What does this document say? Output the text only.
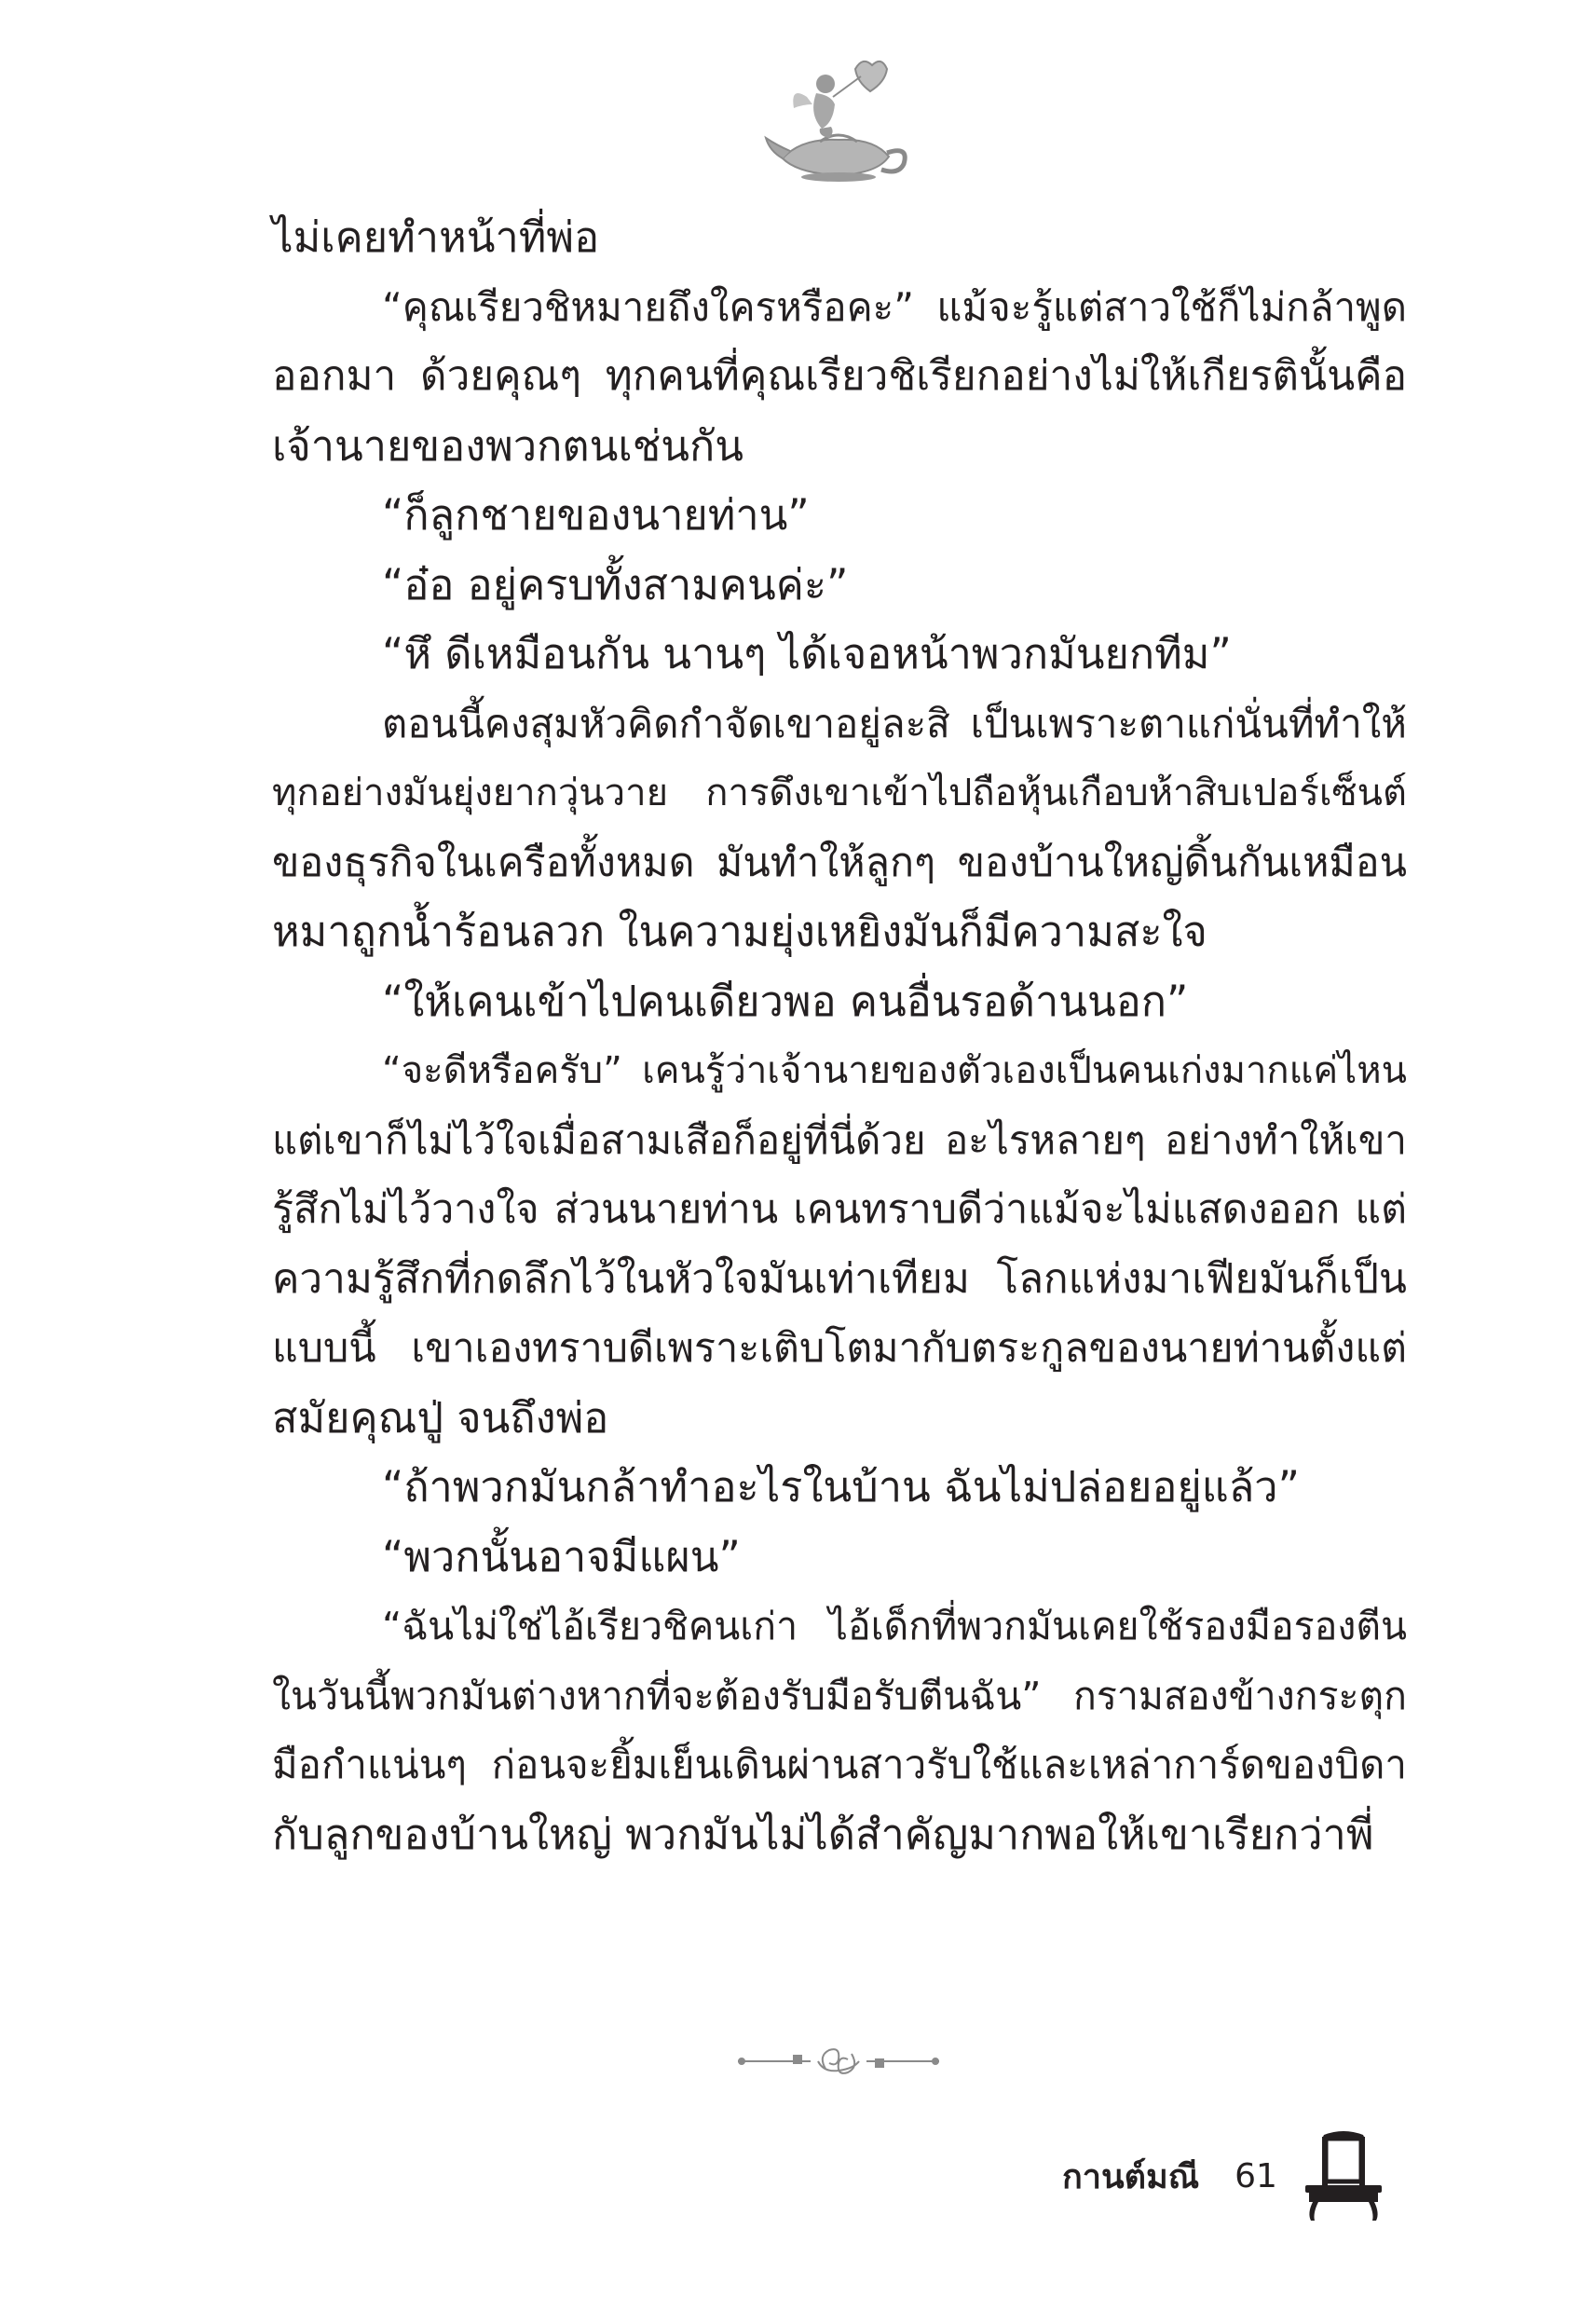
ไม่เคยทำหน้าที่พ่อ
“คุณเรียวชิหมายถึงใครหรือคะ” แม้จะรู้แต่สาวใช้ก็ไม่กล้าพูด
ออกมา ด้วยคุณๆ ทุกคนที่คุณเรียวชิเรียกอย่างไม่ให้เกียรตินั้นคือ
เจ้านายของพวกตนเช่นกัน
“ก็ลูกชายของนายท่าน”
“อ๋อ อยู่ครบทั้งสามคนค่ะ”
“หึ ดีเหมือนกัน นานๆ ได้เจอหน้าพวกมันยกทีม”
ตอนนี้คงสุมหัวคิดกำจัดเขาอยู่ละสิ เป็นเพราะตาแก่นั่นที่ทำให้
ทุกอย่างมันยุ่งยากวุ่นวาย การดึงเขาเข้าไปถือหุ้นเกือบห้าสิบเปอร์เซ็นต์
ของธุรกิจในเครือทั้งหมด มันทำให้ลูกๆ ของบ้านใหญ่ดิ้นกันเหมือน
หมาถูกน้ำร้อนลวก ในความยุ่งเหยิงมันก็มีความสะใจ
“ให้เคนเข้าไปคนเดียวพอ คนอื่นรอด้านนอก”
“จะดีหรือครับ” เคนรู้ว่าเจ้านายของตัวเองเป็นคนเก่งมากแค่ไหน
แต่เขาก็ไม่ไว้ใจเมื่อสามเสือก็อยู่ที่นี่ด้วย อะไรหลายๆ อย่างทำให้เขา
รู้สึกไม่ไว้วางใจ ส่วนนายท่าน เคนทราบดีว่าแม้จะไม่แสดงออก แต่
ความรู้สึกที่กดลึกไว้ในหัวใจมันเท่าเทียม โลกแห่งมาเฟียมันก็เป็น
แบบนี้ เขาเองทราบดีเพราะเติบโตมากับตระกูลของนายท่านตั้งแต่
สมัยคุณปู่ จนถึงพ่อ
“ถ้าพวกมันกล้าทำอะไรในบ้าน ฉันไม่ปล่อยอยู่แล้ว”
“พวกนั้นอาจมีแผน”
“ฉันไม่ใช่ไอ้เรียวชิคนเก่า ไอ้เด็กที่พวกมันเคยใช้รองมือรองตีน
ในวันนี้พวกมันต่างหากที่จะต้องรับมือรับตีนฉัน” กรามสองข้างกระตุก
มือกำแน่นๆ ก่อนจะยิ้มเย็นเดินผ่านสาวรับใช้และเหล่าการ์ดของบิดา
กับลูกของบ้านใหญ่ พวกมันไม่ได้สำคัญมากพอให้เขาเรียกว่าพี่
กานต์มณี 61
